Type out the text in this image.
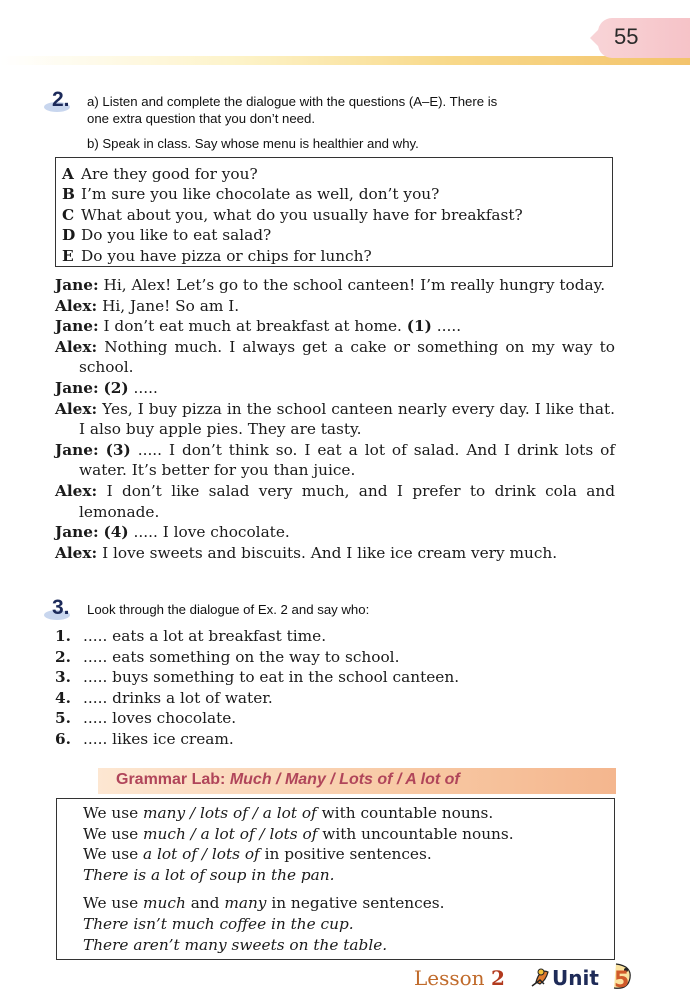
55
2. a) Listen and complete the dialogue with the questions (A–E). There is
one extra question that you don’t need.
b) Speak in class. Say whose menu is healthier and why.
A Are they good for you?
B I’m sure you like chocolate as well, don’t you?
C What about you, what do you usually have for breakfast?
D Do you like to eat salad?
E Do you have pizza or chips for lunch?
Jane: Hi, Alex! Let’s go to the school canteen! I’m really hungry today.
Alex: Hi, Jane! So am I.
Jane: I don’t eat much at breakfast at home. (1) .....
Alex: Nothing much. I always get a cake or something on my way to school.
Jane: (2) .....
Alex: Yes, I buy pizza in the school canteen nearly every day. I like that. I also buy apple pies. They are tasty.
Jane: (3) ..... I don’t think so. I eat a lot of salad. And I drink lots of water. It’s better for you than juice.
Alex: I don’t like salad very much, and I prefer to drink cola and lemonade.
Jane: (4) ..... I love chocolate.
Alex: I love sweets and biscuits. And I like ice cream very much.
3. Look through the dialogue of Ex. 2 and say who:
1. ..... eats a lot at breakfast time.
2. ..... eats something on the way to school.
3. ..... buys something to eat in the school canteen.
4. ..... drinks a lot of water.
5. ..... loves chocolate.
6. ..... likes ice cream.
Grammar Lab: Much / Many / Lots of / A lot of
We use many / lots of / a lot of with countable nouns.
We use much / a lot of / lots of with uncountable nouns.
We use a lot of / lots of in positive sentences.
There is a lot of soup in the pan.
We use much and many in negative sentences.
There isn’t much coffee in the cup.
There aren’t many sweets on the table.
Lesson 2 Unit 5
